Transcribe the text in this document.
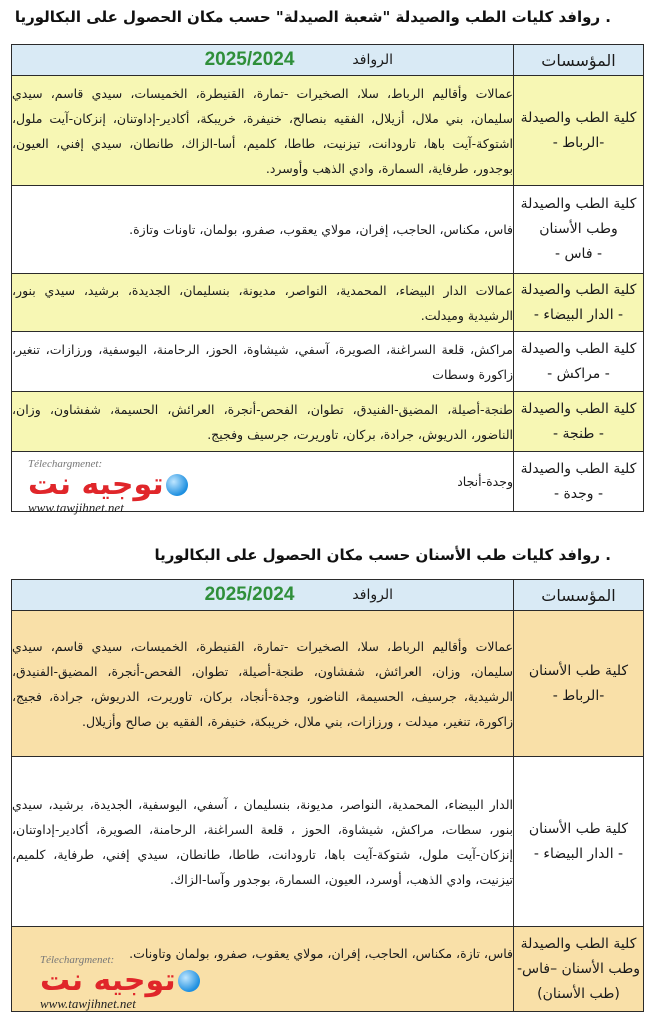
. روافد كليات الطب والصيدلة "شعبة الصيدلة" حسب مكان الحصول على البكالوريا
المؤسسات	الروافد
2025/2024

كلية الطب والصيدلة
-الرباط -	عمالات وأقاليم الرباط، سلا، الصخيرات -تمارة، القنيطرة، الخميسات، سيدي قاسم، سيدي سليمان، بني ملال، أزيلال، الفقيه بنصالح، خنيفرة، خريبكة، أكادير-إداوتنان، إنزكان-آيت ملول، اشتوكة-آيت باها، تارودانت، تيزنيت، طاطا، كلميم، أسا-الزاك، طانطان، سيدي إفني، العيون، بوجدور، طرفاية، السمارة، وادي الذهب وأوسرد.

كلية الطب والصيدلة
وطب الأسنان
- فاس -	فاس، مكناس، الحاجب، إفران، مولاي يعقوب، صفرو، بولمان، تاونات وتازة.

كلية الطب والصيدلة
- الدار البيضاء -	عمالات الدار البيضاء، المحمدية، النواصر، مديونة، بنسليمان، الجديدة، برشيد، سيدي بنور، الرشيدية وميدلت.

كلية الطب والصيدلة
- مراكش -	مراكش، قلعة السراغنة، الصويرة، آسفي، شيشاوة، الحوز، الرحامنة، اليوسفية، ورزازات، تنغير، زاكورة وسطات

كلية الطب والصيدلة
- طنجة -	طنجة-أصيلة، المضيق-الفنيدق، تطوان، الفحص-أنجرة، العرائش، الحسيمة، شفشاون، وزان، الناضور، الدريوش، جرادة، بركان، تاوريرت، جرسيف وفجيج.

كلية الطب والصيدلة
- وجدة -	وجدة-أنجاد
Télechargmenet:
توجيه نت
www.tawjihnet.net
. روافد كليات طب الأسنان حسب مكان الحصول على البكالوريا
المؤسسات	الروافد
2025/2024

كلية طب الأسنان
-الرباط -	عمالات وأقاليم الرباط، سلا، الصخيرات -تمارة، القنيطرة، الخميسات، سيدي قاسم، سيدي سليمان، وزان، العرائش، شفشاون، طنجة-أصيلة، تطوان، الفحص-أنجرة، المضيق-الفنيدق، الرشيدية، جرسيف، الحسيمة، الناضور، وجدة-أنجاد، بركان، تاوريرت، الدريوش، جرادة، فجيج، زاكورة، تنغير، ميدلت ، ورزازات، بني ملال، خريبكة، خنيفرة، الفقيه بن صالح وأزيلال.

كلية طب الأسنان
- الدار البيضاء -	الدار البيضاء، المحمدية، النواصر، مديونة، بنسليمان ، آسفي، اليوسفية، الجديدة، برشيد، سيدي بنور، سطات، مراكش، شيشاوة، الحوز ، قلعة السراغنة، الرحامنة، الصويرة، أكادير-إداوتنان، إنزكان-آيت ملول، شتوكة-آيت باها، تارودانت، طاطا، طانطان، سيدي إفني، طرفاية، كلميم، تيزنيت، وادي الذهب، أوسرد، العيون، السمارة، بوجدور وآسا-الزاك.

كلية الطب والصيدلة
وطب الأسنان –فاس-
(طب الأسنان)	فاس، تازة، مكناس، الحاجب، إفران، مولاي يعقوب، صفرو، بولمان وتاونات.
Télechargmenet:
توجيه نت
www.tawjihnet.net
